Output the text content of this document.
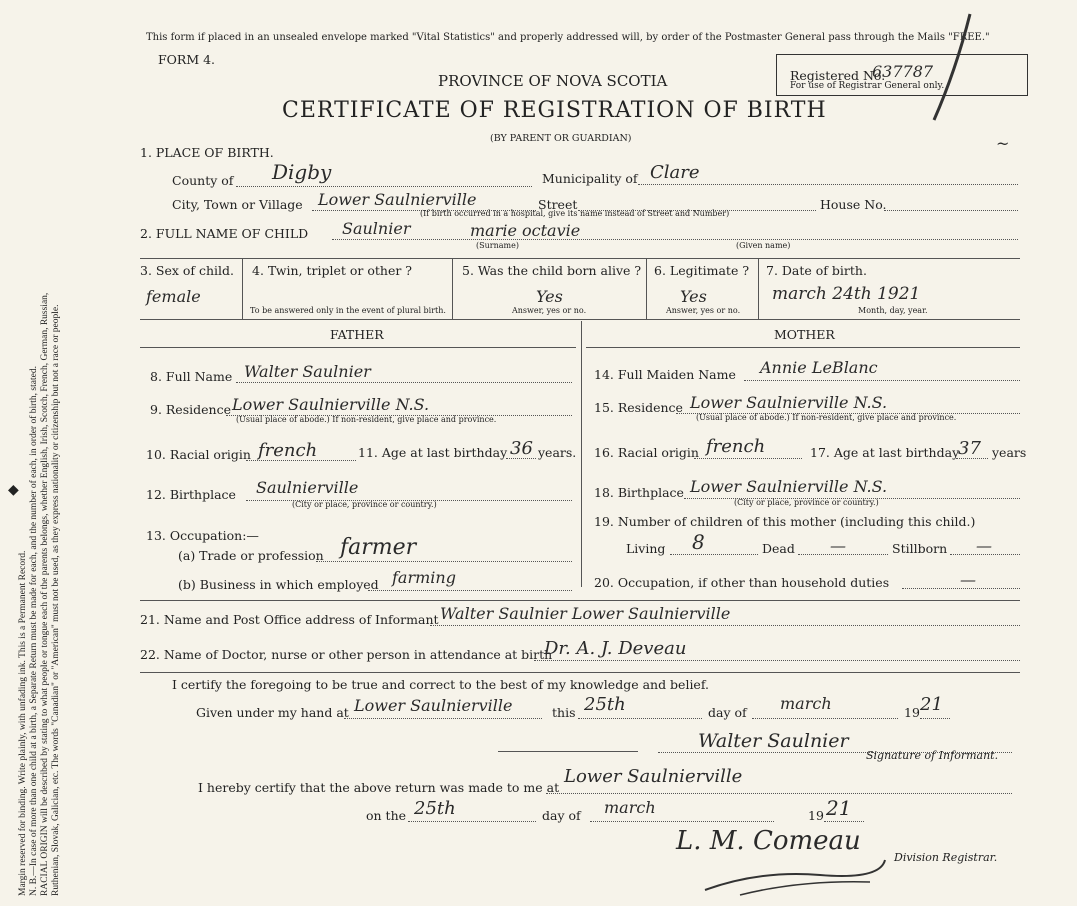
Margin reserved for binding. Write plainly, with unfading ink. This is a Permanent Record. N. B.—In case of more than one child at a birth, a Separate Return must be made for each, and the number of each, in order of birth, stated. RACIAL ORIGIN will be described by stating to what people or tongue each of the parents belongs, whether English, Irish, Scotch, French, German, Russian, Ruthenian, Slovak, Galician, etc. The words "Canadian" or "American" must not be used, as they express nationality or citizenship but not a race or people.
◆
This form if placed in an unsealed envelope marked "Vital Statistics" and properly addressed will, by order of the Postmaster General pass through the Mails "FREE."
FORM 4.
Registered No.
637787
For use of Registrar General only.
PROVINCE OF NOVA SCOTIA
CERTIFICATE OF REGISTRATION OF BIRTH
(BY PARENT OR GUARDIAN)	~
1. PLACE OF BIRTH.
County of Digby	Municipality of Clare
City, Town or Village Lower Saulnierville	Street	House No.
(If birth occurred in a hospital, give its name instead of Street and Number)
2. FULL NAME OF CHILD Saulnier	marie octavie
(Surname)	(Given name)
3. Sex of child.
female
4. Twin, triplet or other ?
To be answered only in the event of plural birth.
5. Was the child born alive ?
Yes
Answer, yes or no.
6. Legitimate ?
Yes
Answer, yes or no.
7. Date of birth.
march 24th 1921
Month, day, year.
FATHER	MOTHER
8. Full Name Walter Saulnier
9. Residence Lower Saulnierville N.S.
(Usual place of abode.) If non-resident, give place and province.
10. Racial origin french	11. Age at last birthday 36 years.
12. Birthplace Saulnierville
(City or place, province or country.)
13. Occupation:—
(a) Trade or profession farmer
(b) Business in which employed farming
14. Full Maiden Name Annie LeBlanc
15. Residence Lower Saulnierville N.S.
(Usual place of abode.) If non-resident, give place and province.
16. Racial origin french	17. Age at last birthday
37 years
18. Birthplace Lower Saulnierville N.S.
(City or place, province or country.)
19. Number of children of this mother (including this child.)
Living 8	Dead —	Stillborn —
20. Occupation, if other than household duties	—
21. Name and Post Office address of Informant Walter Saulnier Lower Saulnierville
22. Name of Doctor, nurse or other person in attendance at birth
Dr. A. J. Deveau
I certify the foregoing to be true and correct to the best of my knowledge and belief.
Given under my hand at Lower Saulnierville	this 25th	day of march	19 21
Walter Saulnier
Signature of Informant.
I hereby certify that the above return was made to me at
Lower Saulnierville
on the 25th	day of march	19 21
L. M. Comeau
Division Registrar.
